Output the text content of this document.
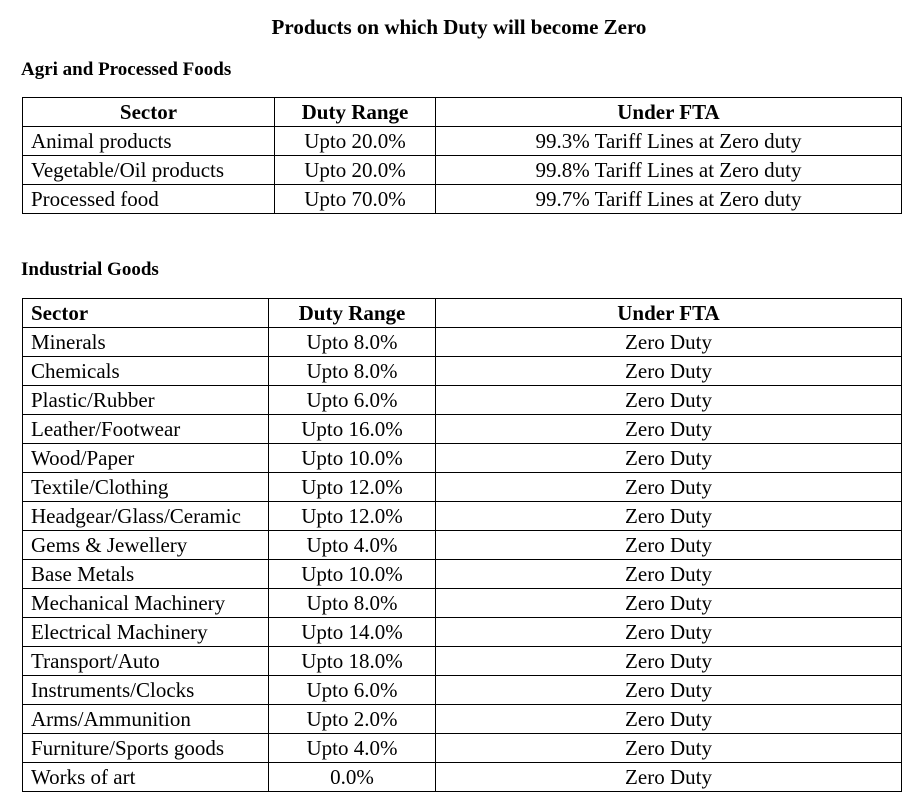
Products on which Duty will become Zero
Agri and Processed Foods
Sector	Duty Range	Under FTA
Animal products	Upto 20.0%	99.3% Tariff Lines at Zero duty
Vegetable/Oil products	Upto 20.0%	99.8% Tariff Lines at Zero duty
Processed food	Upto 70.0%	99.7% Tariff Lines at Zero duty
Industrial Goods
Sector	Duty Range	Under FTA
Minerals	Upto 8.0%	Zero Duty
Chemicals	Upto 8.0%	Zero Duty
Plastic/Rubber	Upto 6.0%	Zero Duty
Leather/Footwear	Upto 16.0%	Zero Duty
Wood/Paper	Upto 10.0%	Zero Duty
Textile/Clothing	Upto 12.0%	Zero Duty
Headgear/Glass/Ceramic	Upto 12.0%	Zero Duty
Gems & Jewellery	Upto 4.0%	Zero Duty
Base Metals	Upto 10.0%	Zero Duty
Mechanical Machinery	Upto 8.0%	Zero Duty
Electrical Machinery	Upto 14.0%	Zero Duty
Transport/Auto	Upto 18.0%	Zero Duty
Instruments/Clocks	Upto 6.0%	Zero Duty
Arms/Ammunition	Upto 2.0%	Zero Duty
Furniture/Sports goods	Upto 4.0%	Zero Duty
Works of art	0.0%	Zero Duty
